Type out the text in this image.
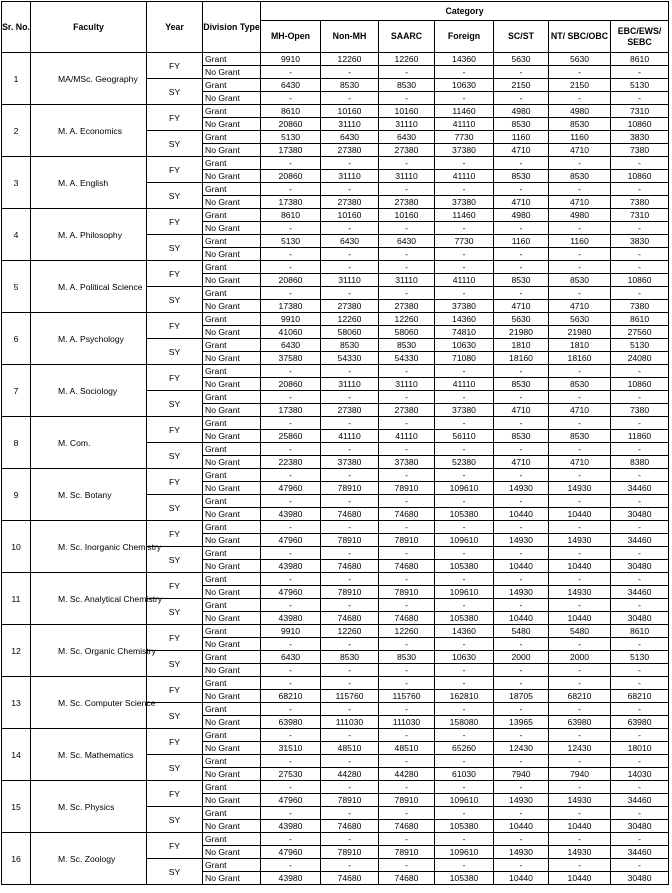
Sr. No.	Faculty	Year	Division Type	Category						
				MH-Open	Non-MH	SAARC	Foreign	SC/ST	NT/ SBC/OBC	EBC/EWS/ SEBC
1	MA/MSc. Geography	FY	Grant	9910	12260	12260	14360	5630	5630	8610
			No Grant	-	-	-	-	-	-	-
		SY	Grant	6430	8530	8530	10630	2150	2150	5130
			No Grant	-	-	-	-	-	-	-
2	M. A. Economics	FY	Grant	8610	10160	10160	11460	4980	4980	7310
			No Grant	20860	31110	31110	41110	8530	8530	10860
		SY	Grant	5130	6430	6430	7730	1160	1160	3830
			No Grant	17380	27380	27380	37380	4710	4710	7380
3	M. A. English	FY	Grant	-	-	-	-	-	-	-
			No Grant	20860	31110	31110	41110	8530	8530	10860
		SY	Grant	-	-	-	-	-	-	-
			No Grant	17380	27380	27380	37380	4710	4710	7380
4	M. A. Philosophy	FY	Grant	8610	10160	10160	11460	4980	4980	7310
			No Grant	-	-	-	-	-	-	-
		SY	Grant	5130	6430	6430	7730	1160	1160	3830
			No Grant	-	-	-	-	-	-	-
5	M. A. Political Science	FY	Grant	-	-	-	-	-	-	-
			No Grant	20860	31110	31110	41110	8530	8530	10860
		SY	Grant	-	-	-	-	-	-	-
			No Grant	17380	27380	27380	37380	4710	4710	7380
6	M. A. Psychology	FY	Grant	9910	12260	12260	14360	5630	5630	8610
			No Grant	41060	58060	58060	74810	21980	21980	27560
		SY	Grant	6430	8530	8530	10630	1810	1810	5130
			No Grant	37580	54330	54330	71080	18160	18160	24080
7	M. A. Sociology	FY	Grant	-	-	-	-	-	-	-
			No Grant	20860	31110	31110	41110	8530	8530	10860
		SY	Grant	-	-	-	-	-	-	-
			No Grant	17380	27380	27380	37380	4710	4710	7380
8	M. Com.	FY	Grant	-	-	-	-	-	-	-
			No Grant	25860	41110	41110	56110	8530	8530	11860
		SY	Grant	-	-	-	-	-	-	-
			No Grant	22380	37380	37380	52380	4710	4710	8380
9	M. Sc. Botany	FY	Grant	-	-	-	-	-	-	-
			No Grant	47960	78910	78910	109610	14930	14930	34460
		SY	Grant	-	-	-	-	-	-	-
			No Grant	43980	74680	74680	105380	10440	10440	30480
10	M. Sc. Inorganic Chemistry	FY	Grant	-	-	-	-	-	-	-
			No Grant	47960	78910	78910	109610	14930	14930	34460
		SY	Grant	-	-	-	-	-	-	-
			No Grant	43980	74680	74680	105380	10440	10440	30480
11	M. Sc. Analytical Chemistry	FY	Grant	-	-	-	-	-	-	-
			No Grant	47960	78910	78910	109610	14930	14930	34460
		SY	Grant	-	-	-	-	-	-	-
			No Grant	43980	74680	74680	105380	10440	10440	30480
12	M. Sc. Organic Chemistry	FY	Grant	9910	12260	12260	14360	5480	5480	8610
			No Grant	-	-	-	-	-	-	-
		SY	Grant	6430	8530	8530	10630	2000	2000	5130
			No Grant	-	-	-	-	-	-	-
13	M. Sc. Computer Science	FY	Grant	-	-	-	-	-	-	-
			No Grant	68210	115760	115760	162810	18705	68210	68210
		SY	Grant	-	-	-	-	-	-	-
			No Grant	63980	111030	111030	158080	13965	63980	63980
14	M. Sc. Mathematics	FY	Grant	-	-	-	-	-	-	-
			No Grant	31510	48510	48510	65260	12430	12430	18010
		SY	Grant	-	-	-	-	-	-	-
			No Grant	27530	44280	44280	61030	7940	7940	14030
15	M. Sc. Physics	FY	Grant	-	-	-	-	-	-	-
			No Grant	47960	78910	78910	109610	14930	14930	34460
		SY	Grant	-	-	-	-	-	-	-
			No Grant	43980	74680	74680	105380	10440	10440	30480
16	M. Sc. Zoology	FY	Grant	-	-	-	-	-	-	-
			No Grant	47960	78910	78910	109610	14930	14930	34460
		SY	Grant	-	-	-	-	-	-	-
			No Grant	43980	74680	74680	105380	10440	10440	30480
